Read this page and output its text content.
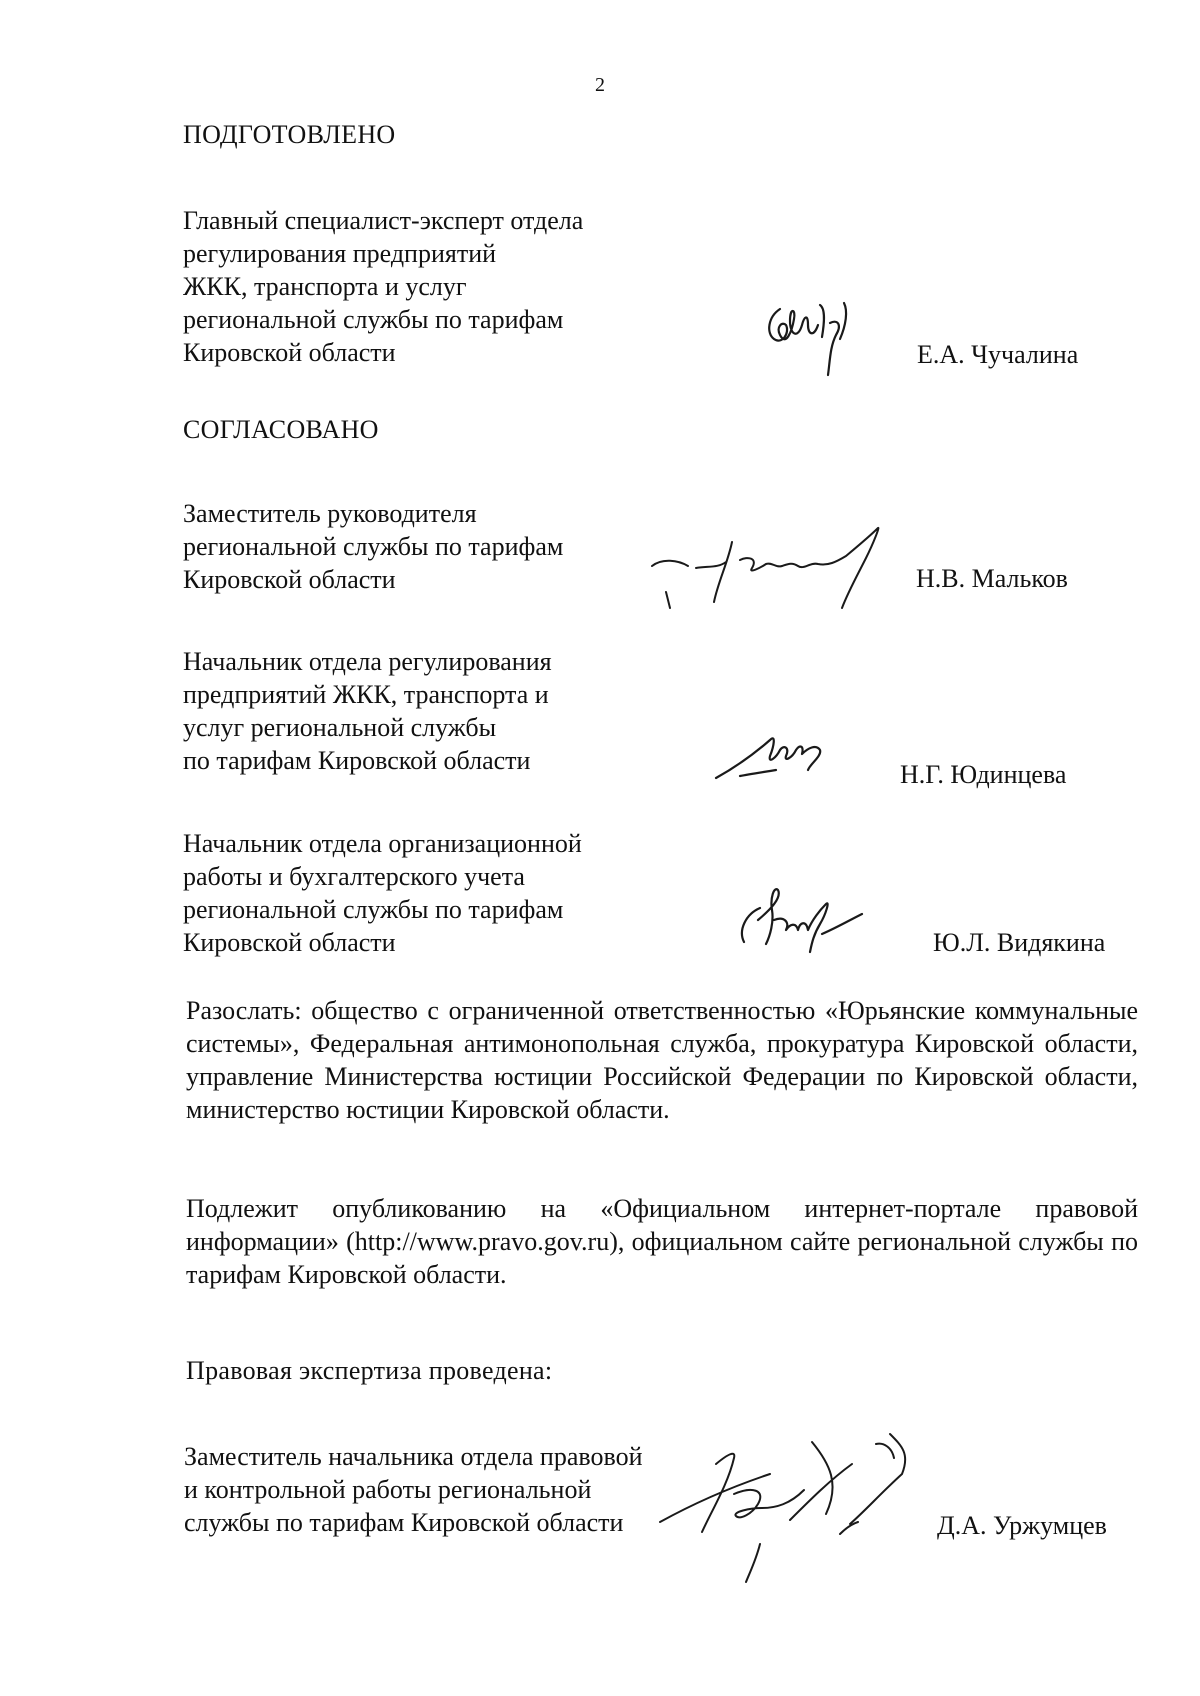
2
ПОДГОТОВЛЕНО
Главный специалист-эксперт отдела
регулирования предприятий
ЖКК, транспорта и услуг
региональной службы по тарифам
Кировской области	Е.А. Чучалина
СОГЛАСОВАНО
Заместитель руководителя
региональной службы по тарифам
Кировской области	Н.В. Мальков
Начальник отдела регулирования
предприятий ЖКК, транспорта и
услуг региональной службы
по тарифам Кировской области	Н.Г. Юдинцева
Начальник отдела организационной
работы и бухгалтерского учета
региональной службы по тарифам
Кировской области	Ю.Л. Видякина
Разослать: общество с ограниченной ответственностью «Юрьянские коммунальные системы», Федеральная антимонопольная служба, прокуратура Кировской области, управление Министерства юстиции Российской Федерации по Кировской области, министерство юстиции Кировской области.
Подлежит опубликованию на «Официальном интернет-портале правовой информации» (http://www.pravo.gov.ru), официальном сайте региональной службы по тарифам Кировской области.
Правовая экспертиза проведена:
Заместитель начальника отдела правовой
и контрольной работы региональной
службы по тарифам Кировской области	Д.А. Уржумцев
